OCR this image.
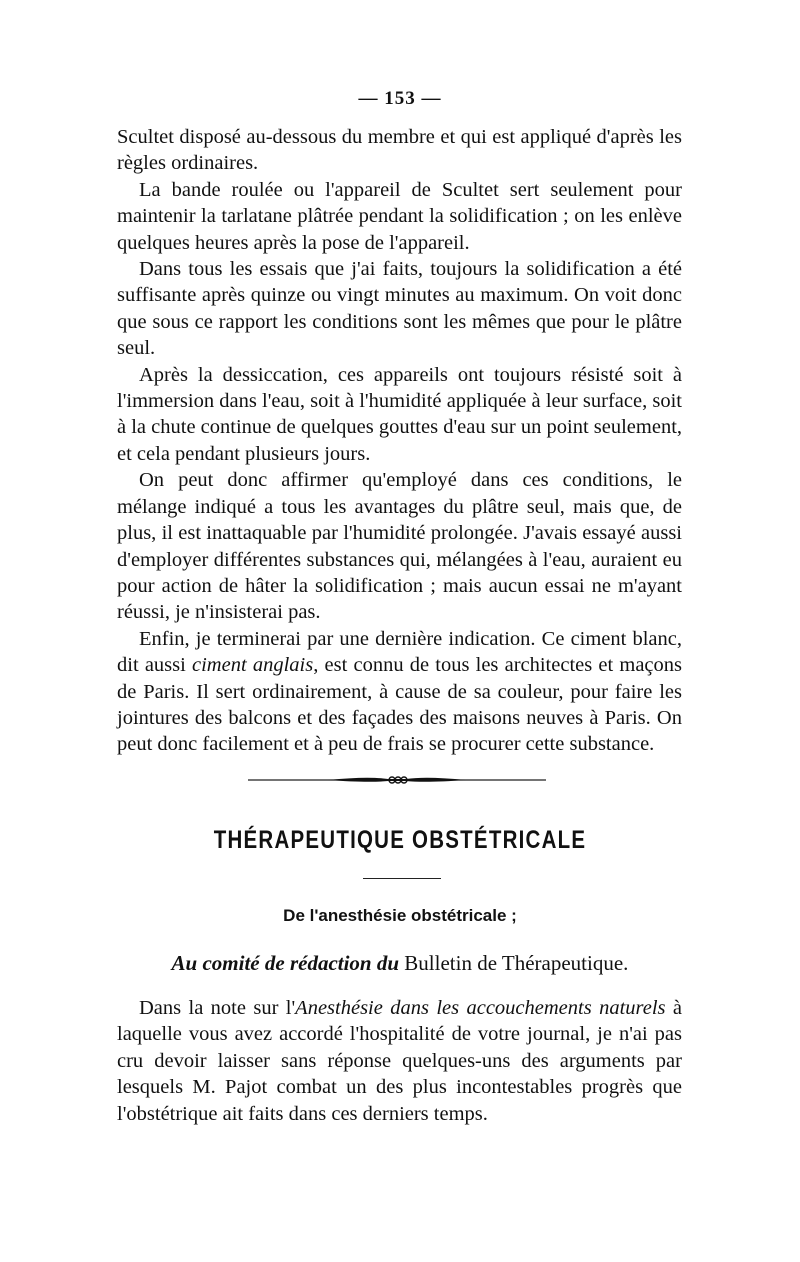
— 153 —

Scultet disposé au-dessous du membre et qui est appliqué d'après les règles ordinaires.

La bande roulée ou l'appareil de Scultet sert seulement pour maintenir la tarlatane plâtrée pendant la solidification ; on les enlève quelques heures après la pose de l'appareil.

Dans tous les essais que j'ai faits, toujours la solidification a été suffisante après quinze ou vingt minutes au maximum. On voit donc que sous ce rapport les conditions sont les mêmes que pour le plâtre seul.

Après la dessiccation, ces appareils ont toujours résisté soit à l'immersion dans l'eau, soit à l'humidité appliquée à leur surface, soit à la chute continue de quelques gouttes d'eau sur un point seulement, et cela pendant plusieurs jours.

On peut donc affirmer qu'employé dans ces conditions, le mélange indiqué a tous les avantages du plâtre seul, mais que, de plus, il est inattaquable par l'humidité prolongée. J'avais essayé aussi d'employer différentes substances qui, mélangées à l'eau, auraient eu pour action de hâter la solidification ; mais aucun essai ne m'ayant réussi, je n'insisterai pas.

Enfin, je terminerai par une dernière indication. Ce ciment blanc, dit aussi ciment anglais, est connu de tous les architectes et maçons de Paris. Il sert ordinairement, à cause de sa couleur, pour faire les jointures des balcons et des façades des maisons neuves à Paris. On peut donc facilement et à peu de frais se procurer cette substance.

THÉRAPEUTIQUE OBSTÉTRICALE
De l'anesthésie obstétricale ;
Au comité de rédaction du Bulletin de Thérapeutique.

Dans la note sur l'Anesthésie dans les accouchements naturels à laquelle vous avez accordé l'hospitalité de votre journal, je n'ai pas cru devoir laisser sans réponse quelques-uns des arguments par lesquels M. Pajot combat un des plus incontestables progrès que l'obstétrique ait faits dans ces derniers temps.
